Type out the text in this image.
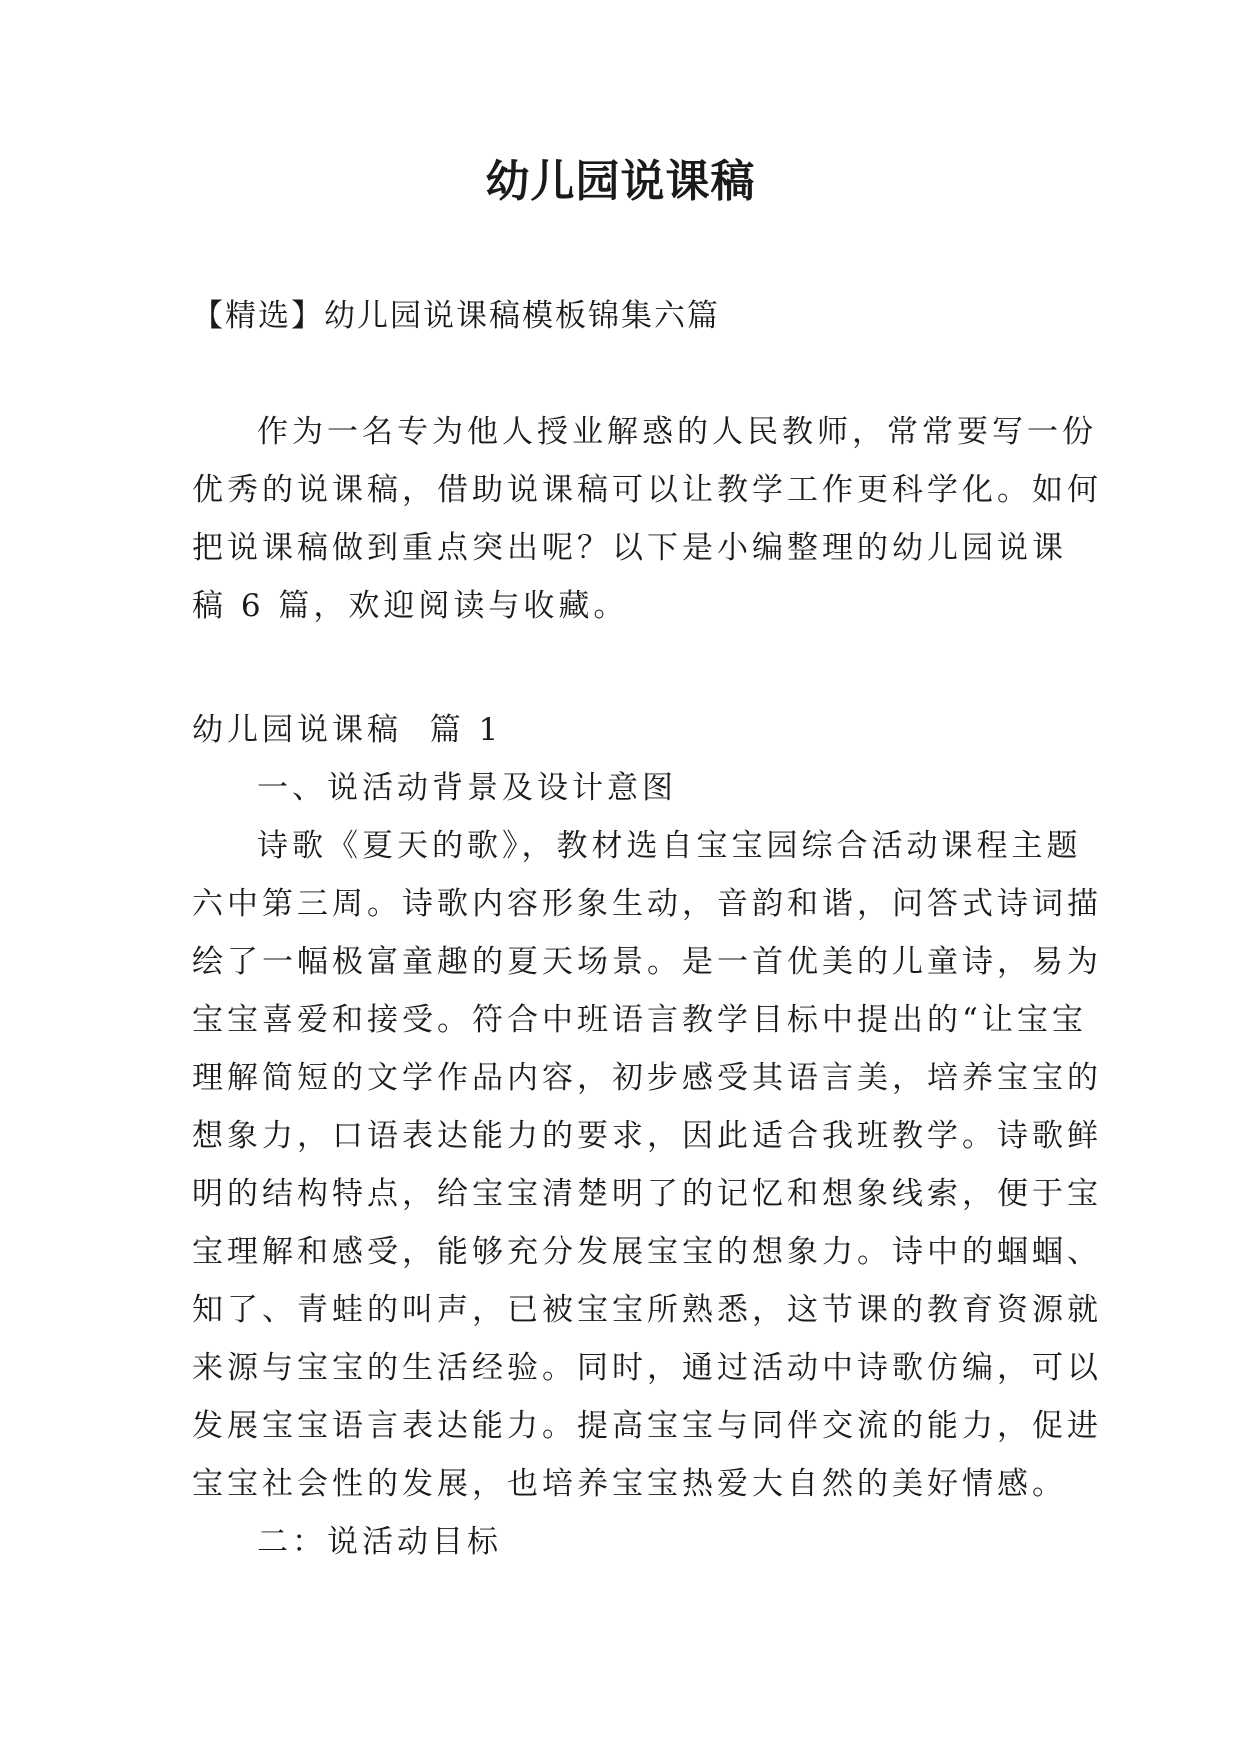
幼儿园说课稿
【精选】幼儿园说课稿模板锦集六篇
作为一名专为他人授业解惑的人民教师，常常要写一份
优秀的说课稿，借助说课稿可以让教学工作更科学化。如何
把说课稿做到重点突出呢？以下是小编整理的幼儿园说课
稿 6 篇，欢迎阅读与收藏。
幼儿园说课稿  篇 1
一、说活动背景及设计意图
诗歌《夏天的歌》，教材选自宝宝园综合活动课程主题
六中第三周。诗歌内容形象生动，音韵和谐，问答式诗词描
绘了一幅极富童趣的夏天场景。是一首优美的儿童诗，易为
宝宝喜爱和接受。符合中班语言教学目标中提出的“让宝宝
理解简短的文学作品内容，初步感受其语言美，培养宝宝的
想象力，口语表达能力的要求，因此适合我班教学。诗歌鲜
明的结构特点，给宝宝清楚明了的记忆和想象线索，便于宝
宝理解和感受，能够充分发展宝宝的想象力。诗中的蝈蝈、
知了、青蛙的叫声，已被宝宝所熟悉，这节课的教育资源就
来源与宝宝的生活经验。同时，通过活动中诗歌仿编，可以
发展宝宝语言表达能力。提高宝宝与同伴交流的能力，促进
宝宝社会性的发展，也培养宝宝热爱大自然的美好情感。
二：说活动目标
